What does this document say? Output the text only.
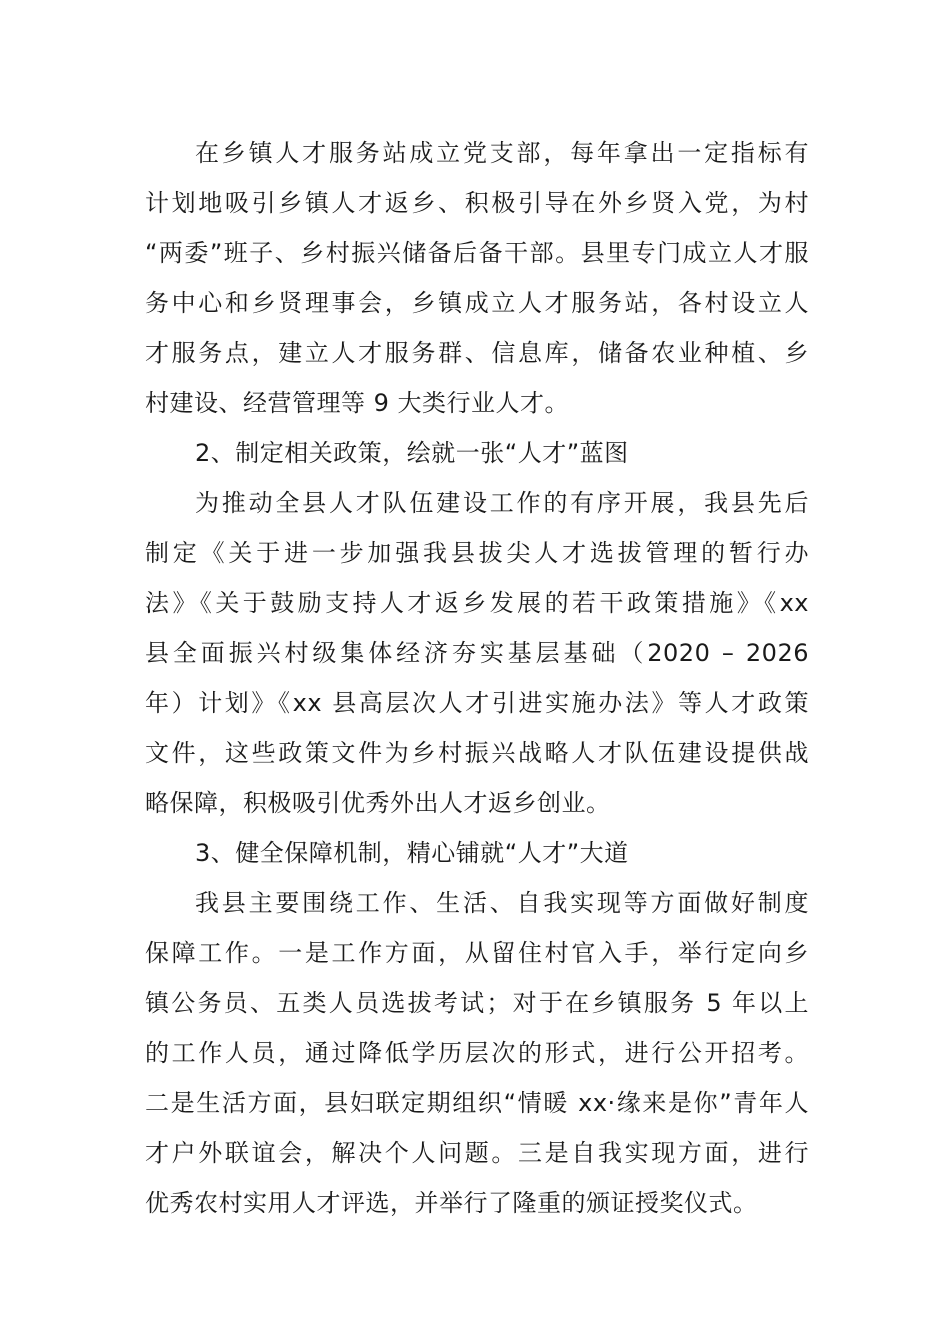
在乡镇人才服务站成立党支部，每年拿出一定指标有
计划地吸引乡镇人才返乡、积极引导在外乡贤入党，为村
“两委”班子、乡村振兴储备后备干部。县里专门成立人才服
务中心和乡贤理事会，乡镇成立人才服务站，各村设立人
才服务点，建立人才服务群、信息库，储备农业种植、乡
村建设、经营管理等 9 大类行业人才。
2、制定相关政策，绘就一张“人才”蓝图
为推动全县人才队伍建设工作的有序开展，我县先后
制定《关于进一步加强我县拔尖人才选拔管理的暂行办
法》《关于鼓励支持人才返乡发展的若干政策措施》《xx
县全面振兴村级集体经济夯实基层基础（2020 – 2026
年）计划》《xx 县高层次人才引进实施办法》等人才政策
文件，这些政策文件为乡村振兴战略人才队伍建设提供战
略保障，积极吸引优秀外出人才返乡创业。
3、健全保障机制，精心铺就“人才”大道
我县主要围绕工作、生活、自我实现等方面做好制度
保障工作。一是工作方面，从留住村官入手，举行定向乡
镇公务员、五类人员选拔考试；对于在乡镇服务 5 年以上
的工作人员，通过降低学历层次的形式，进行公开招考。
二是生活方面，县妇联定期组织“情暖 xx·缘来是你”青年人
才户外联谊会，解决个人问题。三是自我实现方面，进行
优秀农村实用人才评选，并举行了隆重的颁证授奖仪式。
